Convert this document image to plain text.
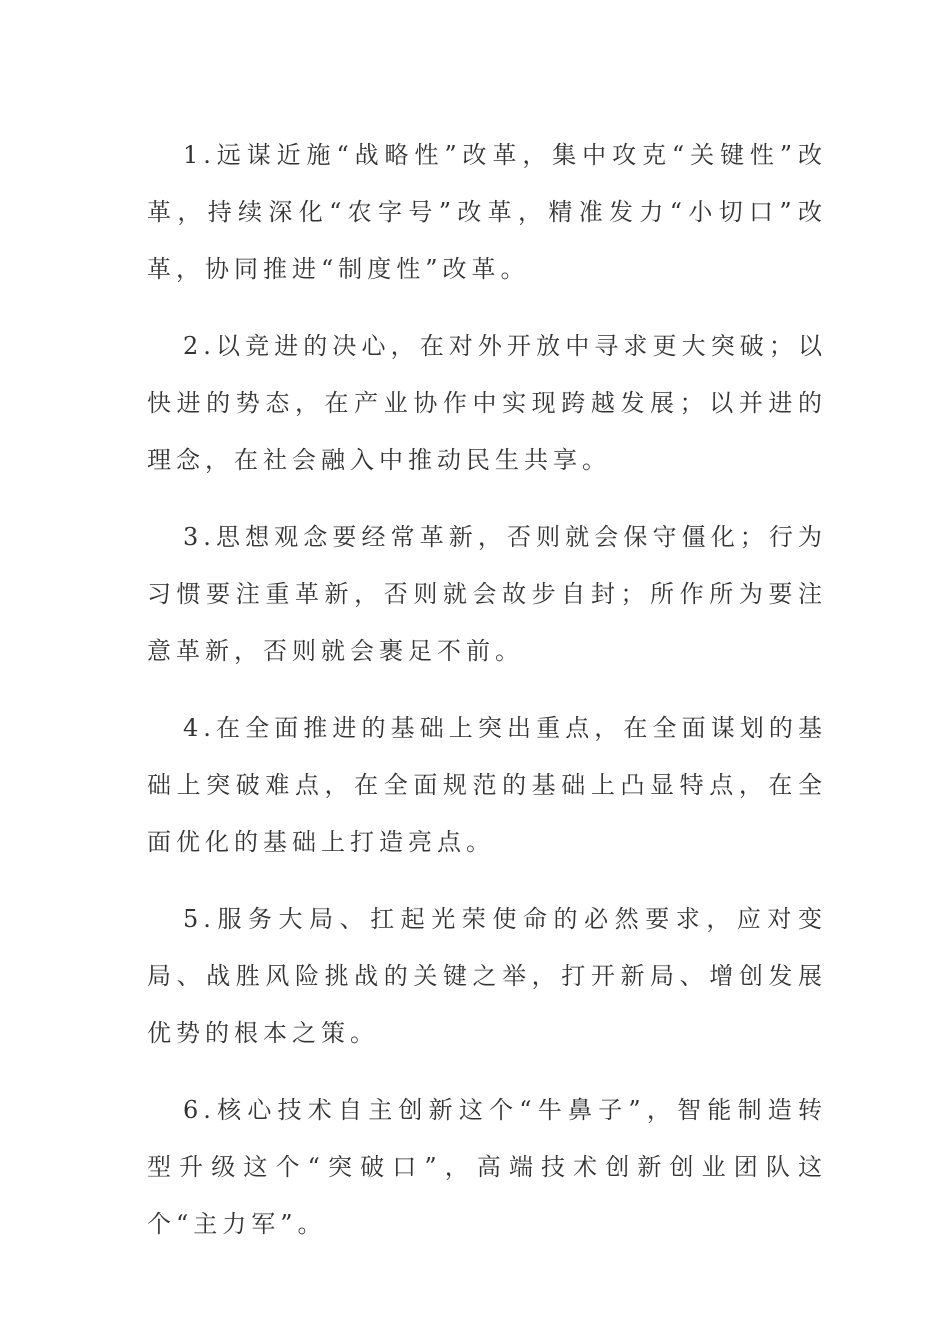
1.远谋近施“战略性”改革，集中攻克“关键性”改革，持续深化“农字号”改革，精准发力“小切口”改革，协同推进“制度性”改革。

2.以竞进的决心，在对外开放中寻求更大突破；以快进的势态，在产业协作中实现跨越发展；以并进的理念，在社会融入中推动民生共享。

3.思想观念要经常革新，否则就会保守僵化；行为习惯要注重革新，否则就会故步自封；所作所为要注意革新，否则就会裹足不前。

4.在全面推进的基础上突出重点，在全面谋划的基础上突破难点，在全面规范的基础上凸显特点，在全面优化的基础上打造亮点。

5.服务大局、扛起光荣使命的必然要求，应对变局、战胜风险挑战的关键之举，打开新局、增创发展优势的根本之策。

6.核心技术自主创新这个“牛鼻子”，智能制造转型升级这个“突破口”，高端技术创新创业团队这个“主力军”。
